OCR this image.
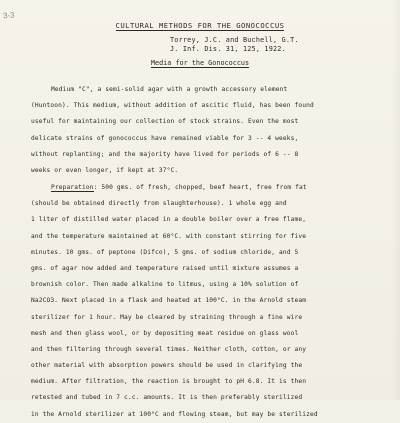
3-3
CULTURAL METHODS FOR THE GONOCOCCUS
Torrey, J.C. and Buchell, G.T.
J. Inf. Dis. 31, 125, 1922.
Media for the Gonococcus
Medium "C", a semi-solid agar with a growth accessory element
(Huntoon). This medium, without addition of ascitic fluid, has been found
useful for maintaining our collection of stock strains. Even the most
delicate strains of gonococcus have remained viable for 3 -- 4 weeks,
without replanting; and the majority have lived for periods of 6 -- 8
weeks or even longer, if kept at 37°C.
Preparation: 500 gms. of fresh, chopped, beef heart, free from fat
(should be obtained directly from slaughterhouse). 1 whole egg and
1 liter of distilled water placed in a double boiler over a free flame,
and the temperature maintained at 60°C. with constant stirring for five
minutes. 10 gms. of peptone (Difco), 5 gms. of sodium chloride, and 5
gms. of agar now added and temperature raised until mixture assumes a
brownish color. Then made alkaline to litmus, using a 10% solution of
Na2CO3. Next placed in a flask and heated at 100°C. in the Arnold steam
sterilizer for 1 hour. May be cleared by straining through a fine wire
mesh and then glass wool, or by depositing meat residue on glass wool
and then filtering through several times. Neither cloth, cotton, or any
other material with absorption powers should be used in clarifying the
medium. After filtration, the reaction is brought to pH 6.8. It is then
retested and tubed in 7 c.c. amounts. It is then preferably sterilized
in the Arnold sterilizer at 100°C and flowing steam, but may be sterilized
